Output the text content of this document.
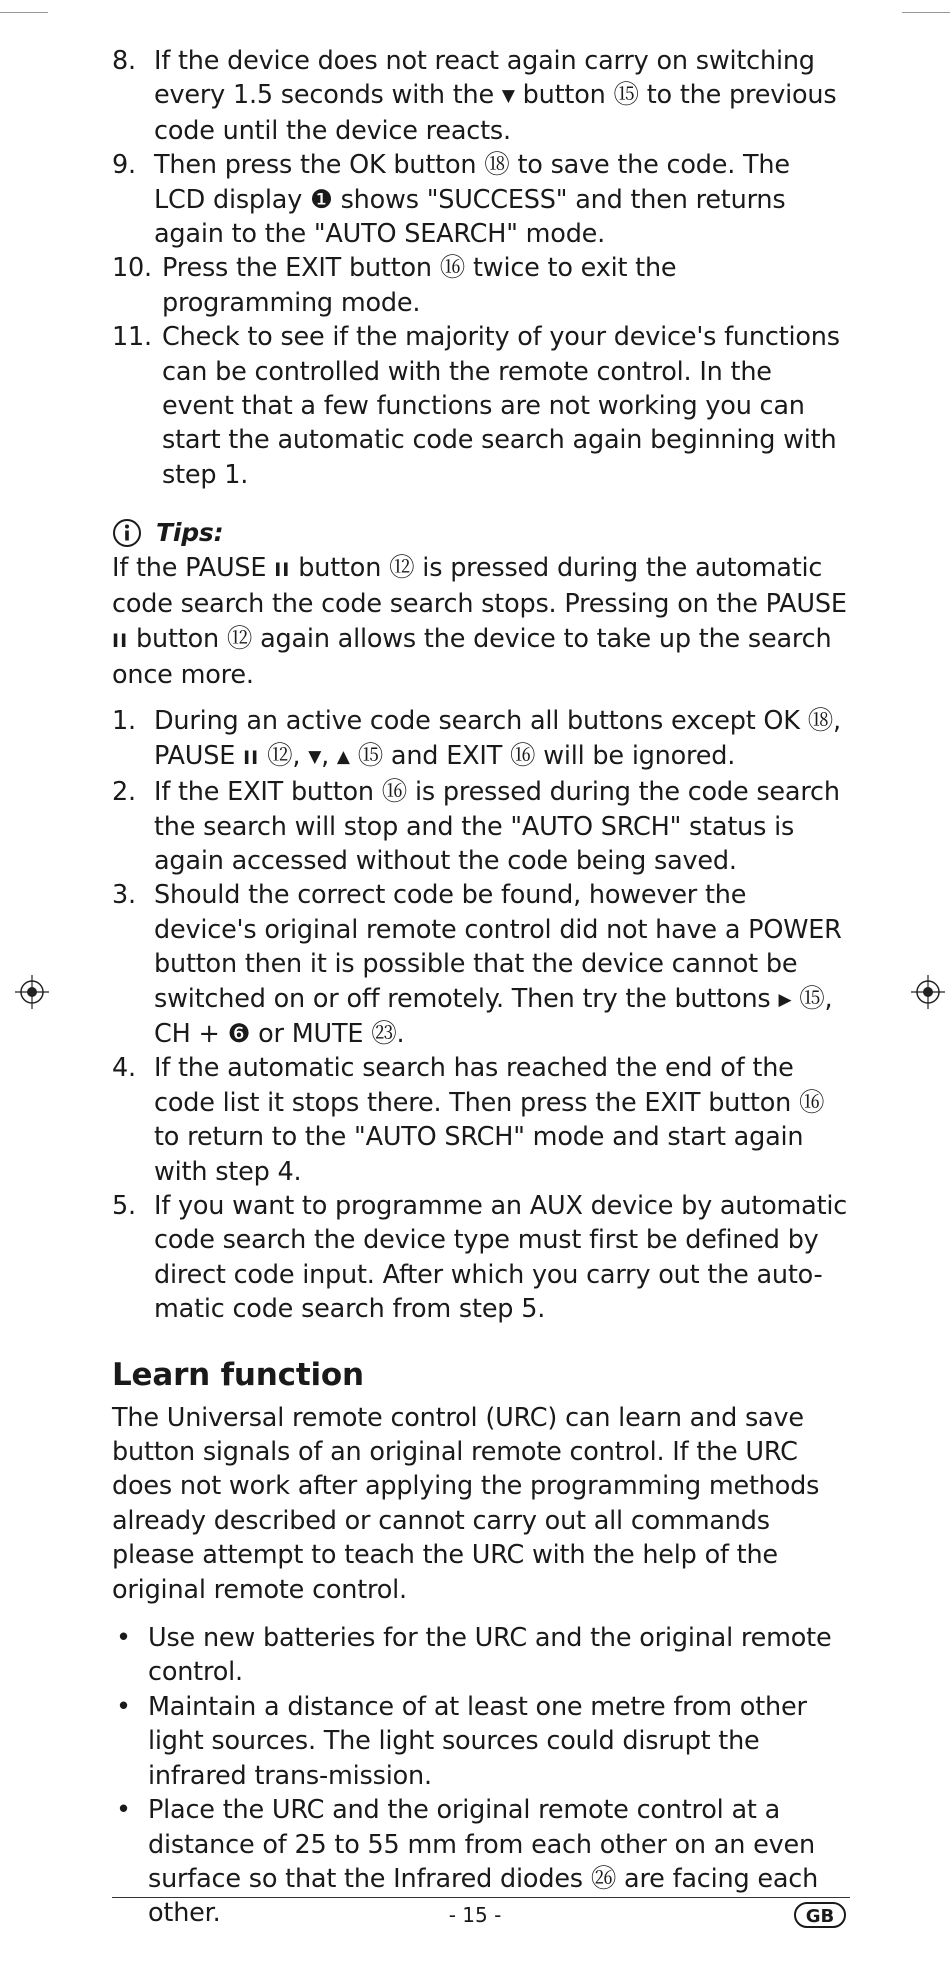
8. If the device does not react again carry on switching every 1.5 seconds with the ▼ button ⑮ to the previous code until the device reacts.
9. Then press the OK button ⑱ to save the code. The LCD display ❶ shows "SUCCESS" and then returns again to the "AUTO SEARCH" mode.
10. Press the EXIT button ⑯ twice to exit the programming mode.
11. Check to see if the majority of your device's functions can be controlled with the remote control. In the event that a few functions are not working you can start the automatic code search again beginning with step 1.
Tips:

If the PAUSE II button ⑫ is pressed during the automatic code search the code search stops. Pressing on the PAUSE II button ⑫ again allows the device to take up the search once more.

1. During an active code search all buttons except OK ⑱, PAUSE II ⑫, ▼, ▲ ⑮ and EXIT ⑯ will be ignored.
2. If the EXIT button ⑯ is pressed during the code search the search will stop and the "AUTO SRCH" status is again accessed without the code being saved.
3. Should the correct code be found, however the device's original remote control did not have a POWER button then it is possible that the device cannot be switched on or off remotely. Then try the buttons ▶ ⑮, CH + ❻ or MUTE ㉓.
4. If the automatic search has reached the end of the code list it stops there. Then press the EXIT button ⑯ to return to the "AUTO SRCH" mode and start again with step 4.
5. If you want to programme an AUX device by automatic code search the device type must first be defined by direct code input. After which you carry out the auto-matic code search from step 5.
Learn function

The Universal remote control (URC) can learn and save button signals of an original remote control. If the URC does not work after applying the programming methods already described or cannot carry out all commands please attempt to teach the URC with the help of the original remote control.

• Use new batteries for the URC and the original remote control.
• Maintain a distance of at least one metre from other light sources. The light sources could disrupt the infrared trans-mission.
• Place the URC and the original remote control at a distance of 25 to 55 mm from each other on an even surface so that the Infrared diodes ㉖ are facing each other.	- 15 -	GB
